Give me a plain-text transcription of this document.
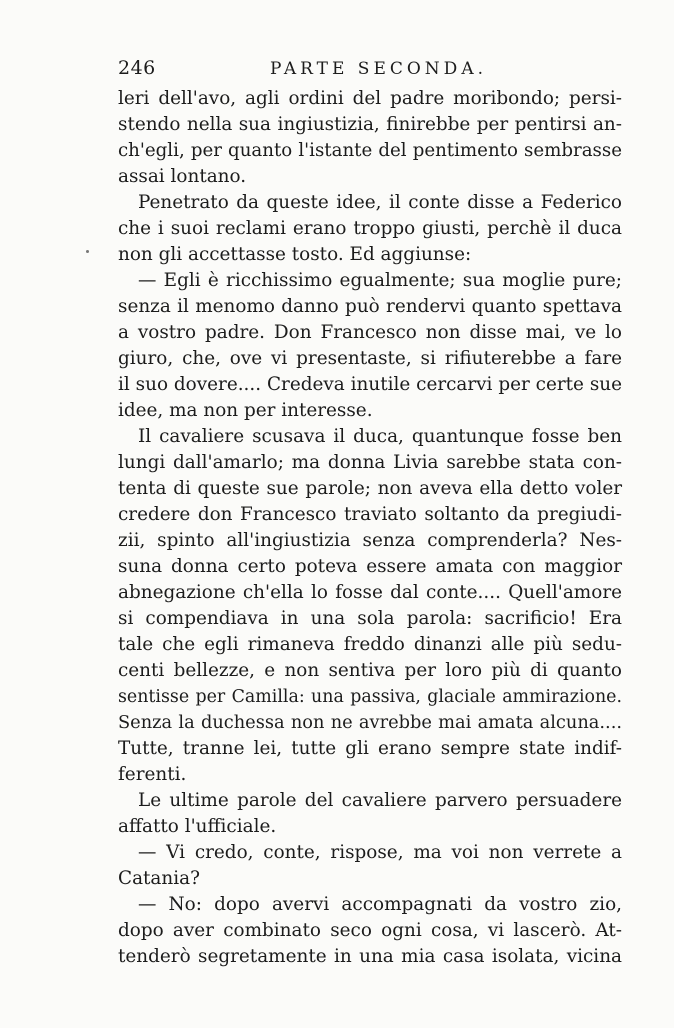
246	PARTE SECONDA.
leri dell'avo, agli ordini del padre moribondo; persi-
stendo nella sua ingiustizia, finirebbe per pentirsi an-
ch'egli, per quanto l'istante del pentimento sembrasse
assai lontano.
Penetrato da queste idee, il conte disse a Federico
che i suoi reclami erano troppo giusti, perchè il duca
non gli accettasse tosto. Ed aggiunse:
— Egli è ricchissimo egualmente; sua moglie pure;
senza il menomo danno può rendervi quanto spettava
a vostro padre. Don Francesco non disse mai, ve lo
giuro, che, ove vi presentaste, si rifiuterebbe a fare
il suo dovere.... Credeva inutile cercarvi per certe sue
idee, ma non per interesse.
Il cavaliere scusava il duca, quantunque fosse ben
lungi dall'amarlo; ma donna Livia sarebbe stata con-
tenta di queste sue parole; non aveva ella detto voler
credere don Francesco traviato soltanto da pregiudi-
zii, spinto all'ingiustizia senza comprenderla? Nes-
suna donna certo poteva essere amata con maggior
abnegazione ch'ella lo fosse dal conte.... Quell'amore
si compendiava in una sola parola: sacrificio! Era
tale che egli rimaneva freddo dinanzi alle più sedu-
centi bellezze, e non sentiva per loro più di quanto
sentisse per Camilla: una passiva, glaciale ammirazione.
Senza la duchessa non ne avrebbe mai amata alcuna....
Tutte, tranne lei, tutte gli erano sempre state indif-
ferenti.
Le ultime parole del cavaliere parvero persuadere
affatto l'ufficiale.
— Vi credo, conte, rispose, ma voi non verrete a
Catania?
— No: dopo avervi accompagnati da vostro zio,
dopo aver combinato seco ogni cosa, vi lascerò. At-
tenderò segretamente in una mia casa isolata, vicina
